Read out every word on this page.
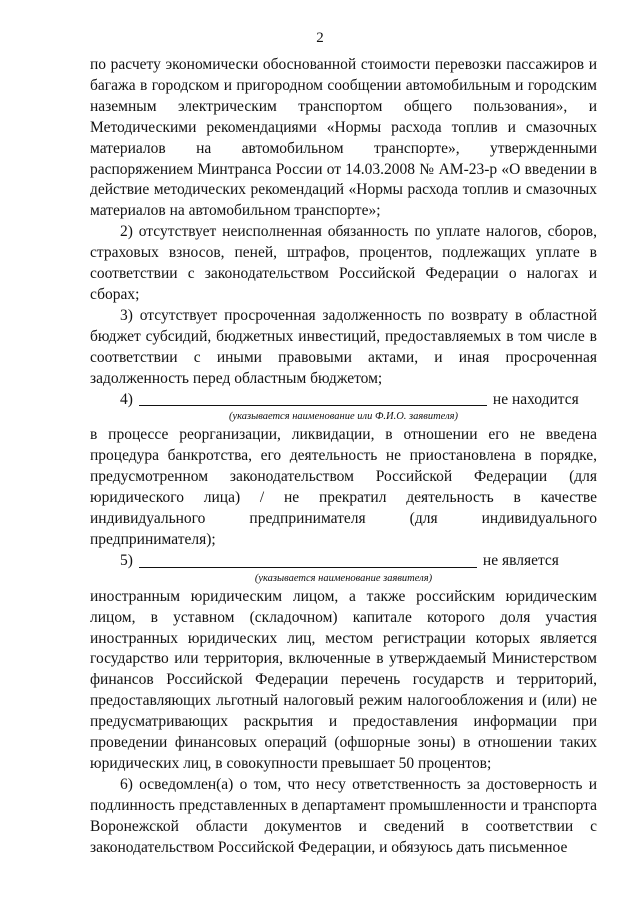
2

по расчету экономически обоснованной стоимости перевозки пассажиров и багажа в городском и пригородном сообщении автомобильным и городским наземным электрическим транспортом общего пользования», и Методическими рекомендациями «Нормы расхода топлив и смазочных материалов на автомобильном транспорте», утвержденными распоряжением Минтранса России от 14.03.2008 № АМ-23-р «О введении в действие методических рекомендаций «Нормы расхода топлив и смазочных материалов на автомобильном транспорте»;

2) отсутствует неисполненная обязанность по уплате налогов, сборов, страховых взносов, пеней, штрафов, процентов, подлежащих уплате в соответствии с законодательством Российской Федерации о налогах и сборах;

3) отсутствует просроченная задолженность по возврату в областной бюджет субсидий, бюджетных инвестиций, предоставляемых в том числе в соответствии с иными правовыми актами, и иная просроченная задолженность перед областным бюджетом;

4)	не находится
(указывается наименование или Ф.И.О. заявителя)

в процессе реорганизации, ликвидации, в отношении его не введена процедура банкротства, его деятельность не приостановлена в порядке, предусмотренном законодательством Российской Федерации (для юридического лица) / не прекратил деятельность в качестве индивидуального предпринимателя (для индивидуального предпринимателя);

5)	не является
(указывается наименование заявителя)

иностранным юридическим лицом, а также российским юридическим лицом, в уставном (складочном) капитале которого доля участия иностранных юридических лиц, местом регистрации которых является государство или территория, включенные в утверждаемый Министерством финансов Российской Федерации перечень государств и территорий, предоставляющих льготный налоговый режим налогообложения и (или) не предусматривающих раскрытия и предоставления информации при проведении финансовых операций (офшорные зоны) в отношении таких юридических лиц, в совокупности превышает 50 процентов;

6) осведомлен(а) о том, что несу ответственность за достоверность и подлинность представленных в департамент промышленности и транспорта Воронежской области документов и сведений в соответствии с законодательством Российской Федерации, и обязуюсь дать письменное
